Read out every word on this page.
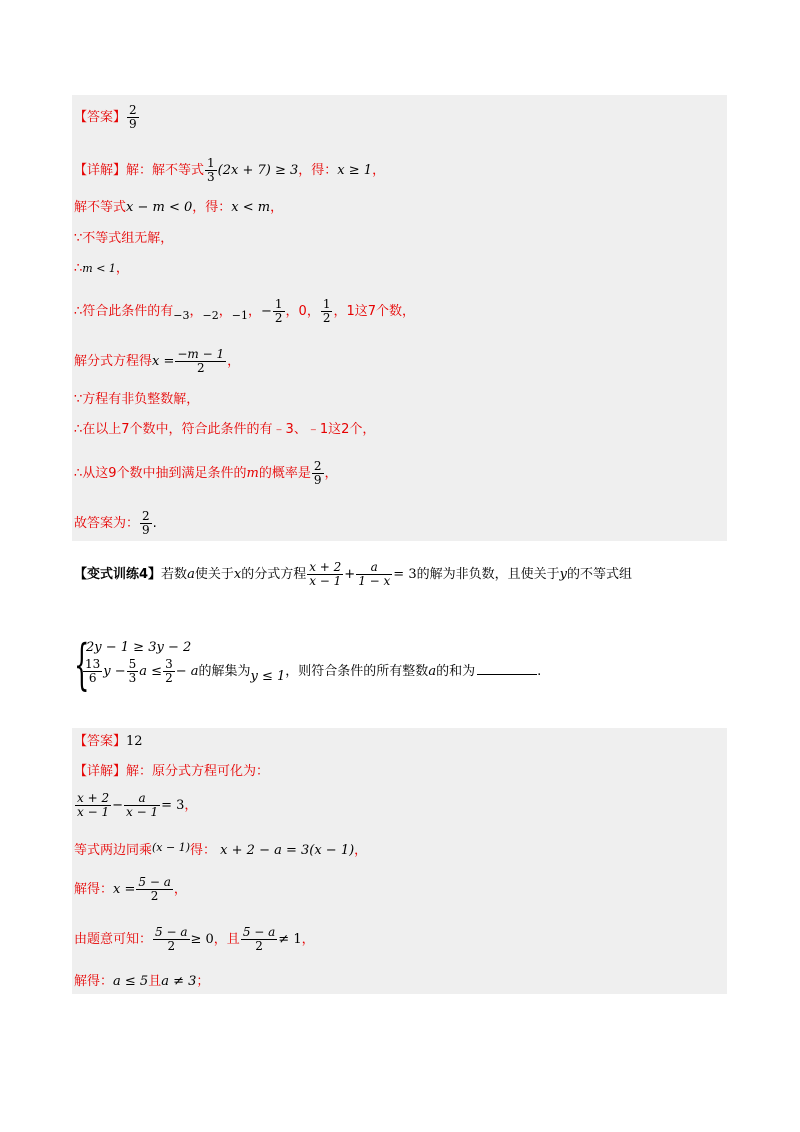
【答案】 $\frac{2}{9}$
【详解】解：解不等式 $\frac{1}{3} (2x + 7) \ge 3$，得：x ≥ 1，
解不等式x − m < 0，得：x < m，
∵不等式组无解，
∴m < 1，
∴符合此条件的有$_{-3}$，$_{-2}$，$_{-1}$，− $\frac{1}{2}$ ，0， $\frac{1}{2}$ ，1这7个数，
解分式方程得$x = \frac{-m - 1}{2}$ ，
∵方程有非负整数解，
∴在以上7个数中，符合此条件的有﹣3、﹣1这2个，
∴从这9个数中抽到满足条件的m的概率是 $\frac{2}{9}$ ，
故答案为： $\frac{2}{9}$ .
【变式训练4】若数a使关于x的分式方程 $\frac{x + 2}{x - 1} + \frac{a}{1 - x} = 3$的解为非负数，且使关于y的不等式组
{
2y − 1 ≥ 3y − 2
$\frac{13}{6}$ $y - \frac{5}{3}$ $a \le \frac{3}{2} - a$的解集为y ≤ 1，则符合条件的所有整数a的和为	.
【答案】12
【详解】解：原分式方程可化为：
$\frac{x + 2}{x - 1} - \frac{a}{x - 1} = 3$，
等式两边同乘$^{(x - 1)}$得： x + 2 − a = 3(x − 1)，
解得：$x = \frac{5 - a}{2}$ ，
由题意可知： $\frac{5 - a}{2} \ge 0$，且 $\frac{5 - a}{2} \ne 1$，
解得：a ≤ 5且a ≠ 3；
